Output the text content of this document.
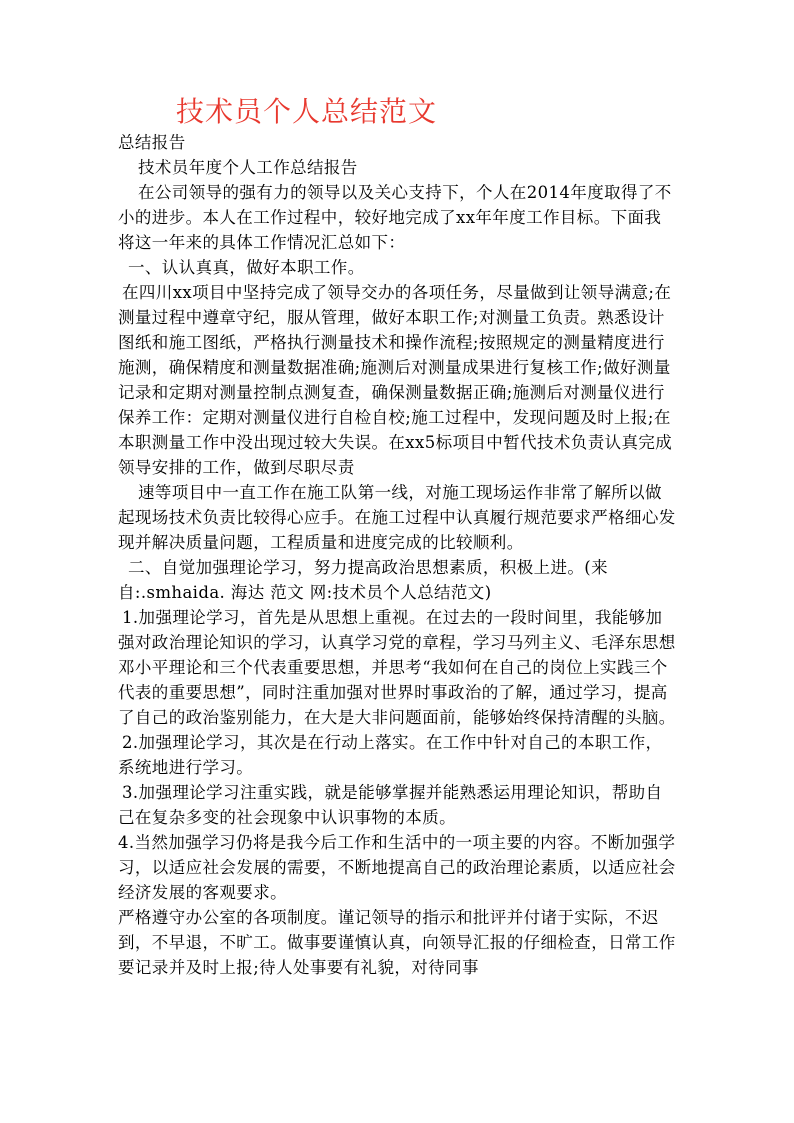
技术员个人总结范文

总结报告

技术员年度个人工作总结报告

在公司领导的强有力的领导以及关心支持下，个人在2014年度取得了不小的进步。本人在工作过程中，较好地完成了xx年年度工作目标。下面我将这一年来的具体工作情况汇总如下：

一、认认真真，做好本职工作。

在四川xx项目中坚持完成了领导交办的各项任务，尽量做到让领导满意;在测量过程中遵章守纪，服从管理，做好本职工作;对测量工负责。熟悉设计图纸和施工图纸，严格执行测量技术和操作流程;按照规定的测量精度进行施测，确保精度和测量数据准确;施测后对测量成果进行复核工作;做好测量记录和定期对测量控制点测复查，确保测量数据正确;施测后对测量仪进行保养工作：定期对测量仪进行自检自校;施工过程中，发现问题及时上报;在本职测量工作中没出现过较大失误。在xx5标项目中暂代技术负责认真完成领导安排的工作，做到尽职尽责

速等项目中一直工作在施工队第一线，对施工现场运作非常了解所以做起现场技术负责比较得心应手。在施工过程中认真履行规范要求严格细心发现并解决质量问题，工程质量和进度完成的比较顺利。

二、自觉加强理论学习，努力提高政治思想素质，积极上进。(来自:.smhaida. 海达 范文 网:技术员个人总结范文)

1.加强理论学习，首先是从思想上重视。在过去的一段时间里，我能够加强对政治理论知识的学习，认真学习党的章程，学习马列主义、毛泽东思想邓小平理论和三个代表重要思想，并思考“我如何在自己的岗位上实践三个代表的重要思想”，同时注重加强对世界时事政治的了解，通过学习，提高了自己的政治鉴别能力，在大是大非问题面前，能够始终保持清醒的头脑。

2.加强理论学习，其次是在行动上落实。在工作中针对自己的本职工作，系统地进行学习。

3.加强理论学习注重实践，就是能够掌握并能熟悉运用理论知识，帮助自己在复杂多变的社会现象中认识事物的本质。

4.当然加强学习仍将是我今后工作和生活中的一项主要的内容。不断加强学习，以适应社会发展的需要，不断地提高自己的政治理论素质，以适应社会经济发展的客观要求。

严格遵守办公室的各项制度。谨记领导的指示和批评并付诸于实际，不迟到，不早退，不旷工。做事要谨慎认真，向领导汇报的仔细检查，日常工作要记录并及时上报;待人处事要有礼貌，对待同事
